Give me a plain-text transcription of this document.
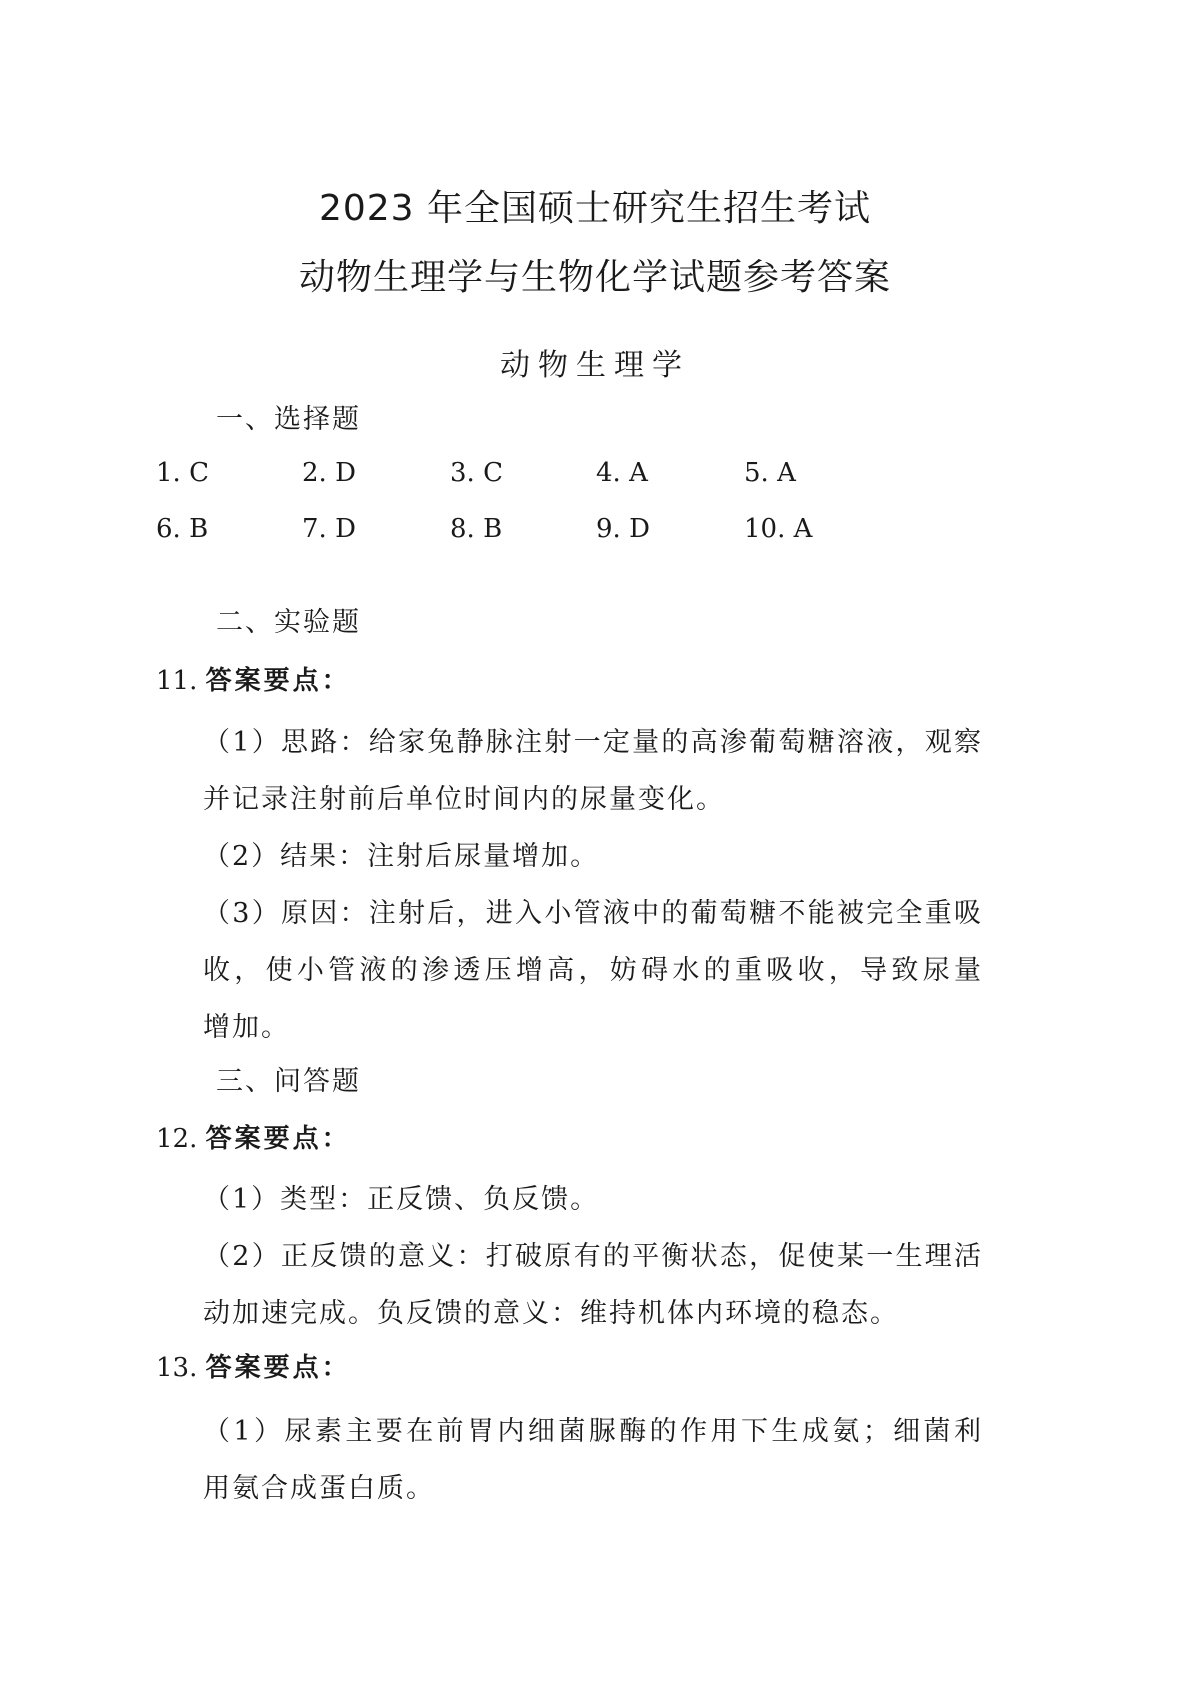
2023 年全国硕士研究生招生考试
动物生理学与生物化学试题参考答案
动物生理学
一、选择题
1. C	2. D	3. C	4. A	5. A
6. B	7. D	8. B	9. D	10. A
二、实验题
11. 答案要点：
（1）思路：给家兔静脉注射一定量的高渗葡萄糖溶液，观察
并记录注射前后单位时间内的尿量变化。
（2）结果：注射后尿量增加。
（3）原因：注射后，进入小管液中的葡萄糖不能被完全重吸
收，使小管液的渗透压增高，妨碍水的重吸收，导致尿量
增加。
三、问答题
12. 答案要点：
（1）类型：正反馈、负反馈。
（2）正反馈的意义：打破原有的平衡状态，促使某一生理活
动加速完成。负反馈的意义：维持机体内环境的稳态。
13. 答案要点：
（1）尿素主要在前胃内细菌脲酶的作用下生成氨；细菌利
用氨合成蛋白质。
